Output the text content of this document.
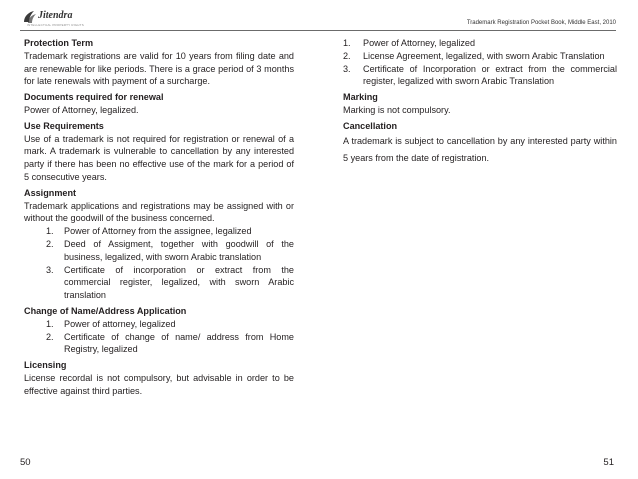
Jitendra
INTELLECTUAL PROPERTY RIGHTS	Trademark Registration Pocket Book, Middle East, 2010

Protection Term

Trademark registrations are valid for 10 years from filing date and are renewable for like periods. There is a grace period of 3 months for late renewals with payment of a surcharge.

Documents required for renewal

Power of Attorney, legalized.

Use Requirements

Use of a trademark is not required for registration or renewal of a mark. A trademark is vulnerable to cancellation by any interested party if there has been no effective use of the mark for a period of 5 consecutive years.

Assignment

Trademark applications and registrations may be assigned with or without the goodwill of the business concerned.

1. Power of Attorney from the assignee, legalized
2. Deed of Assigment, together with goodwill of the business, legalized, with sworn Arabic translation
3. Certificate of incorporation or extract from the commercial register, legalized, with sworn Arabic translation

Change of Name/Address Application

1. Power of attorney, legalized
2. Certificate of change of name/ address from Home Registry, legalized

Licensing

License recordal is not compulsory, but advisable in order to be effective against third parties.

1. Power of Attorney, legalized
2. License Agreement, legalized, with sworn Arabic Translation
3. Certificate of Incorporation or extract from the commercial register, legalized with sworn Arabic Translation

Marking

Marking is not compulsory.

Cancellation

A trademark is subject to cancellation by any interested party within 5 years from the date of registration.

50	51
